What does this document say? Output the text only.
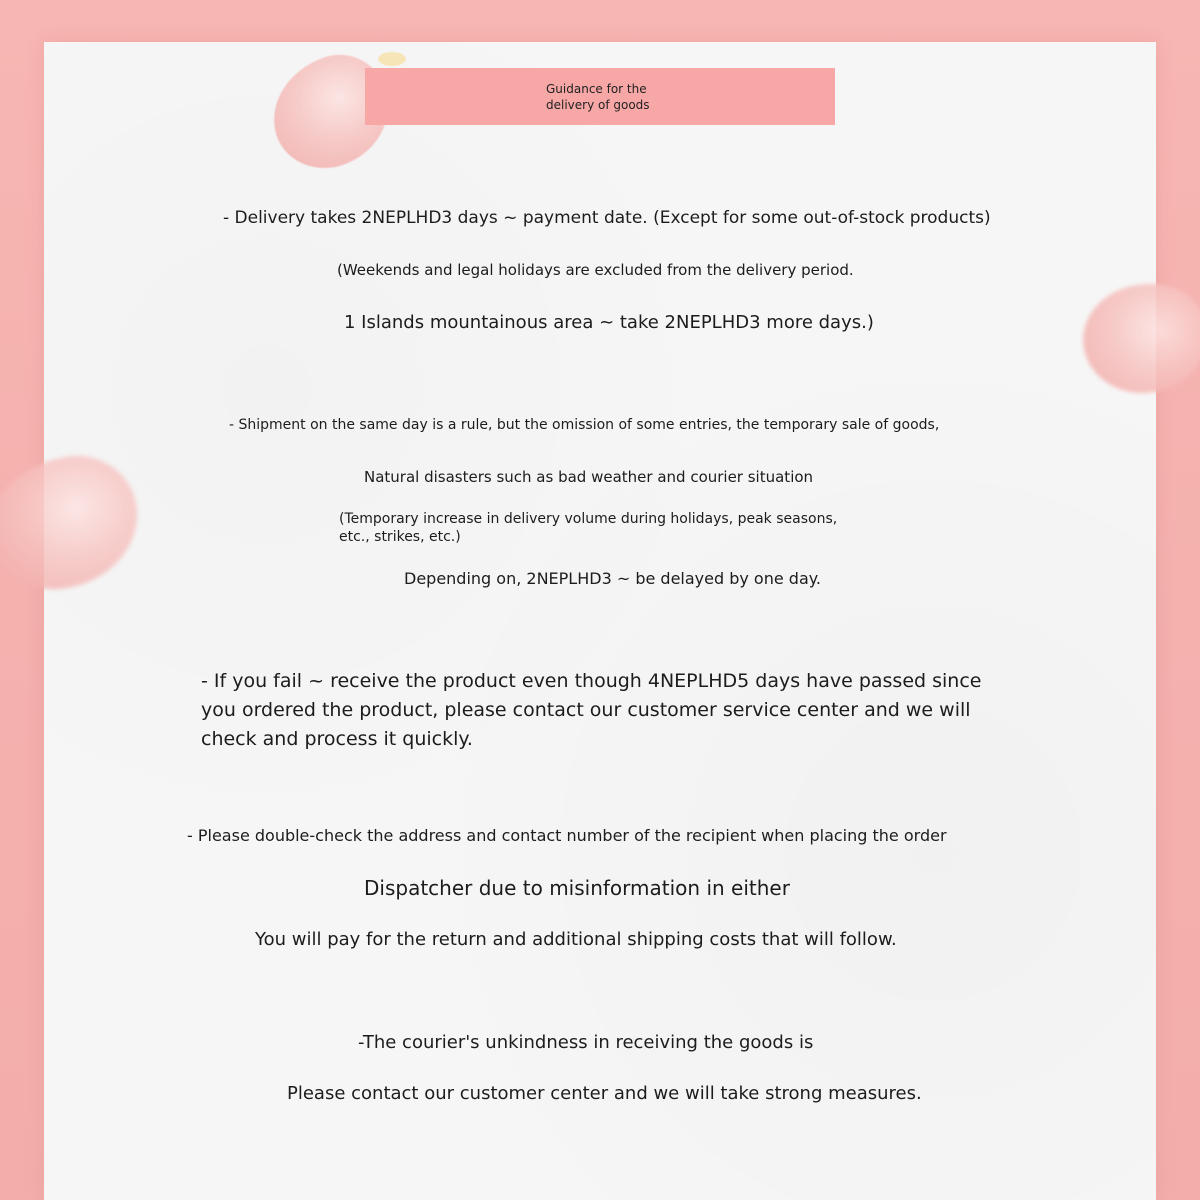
Guidance for the delivery of goods
- Delivery takes 2NEPLHD3 days ~ payment date. (Except for some out-of-stock products)
(Weekends and legal holidays are excluded from the delivery period.
1 Islands mountainous area ~ take 2NEPLHD3 more days.)
- Shipment on the same day is a rule, but the omission of some entries, the temporary sale of goods,
Natural disasters such as bad weather and courier situation
(Temporary increase in delivery volume during holidays, peak seasons, etc., strikes, etc.)
Depending on, 2NEPLHD3 ~ be delayed by one day.
- If you fail ~ receive the product even though 4NEPLHD5 days have passed since you ordered the product, please contact our customer service center and we will check and process it quickly.
- Please double-check the address and contact number of the recipient when placing the order
Dispatcher due to misinformation in either
You will pay for the return and additional shipping costs that will follow.
-The courier's unkindness in receiving the goods is
Please contact our customer center and we will take strong measures.
